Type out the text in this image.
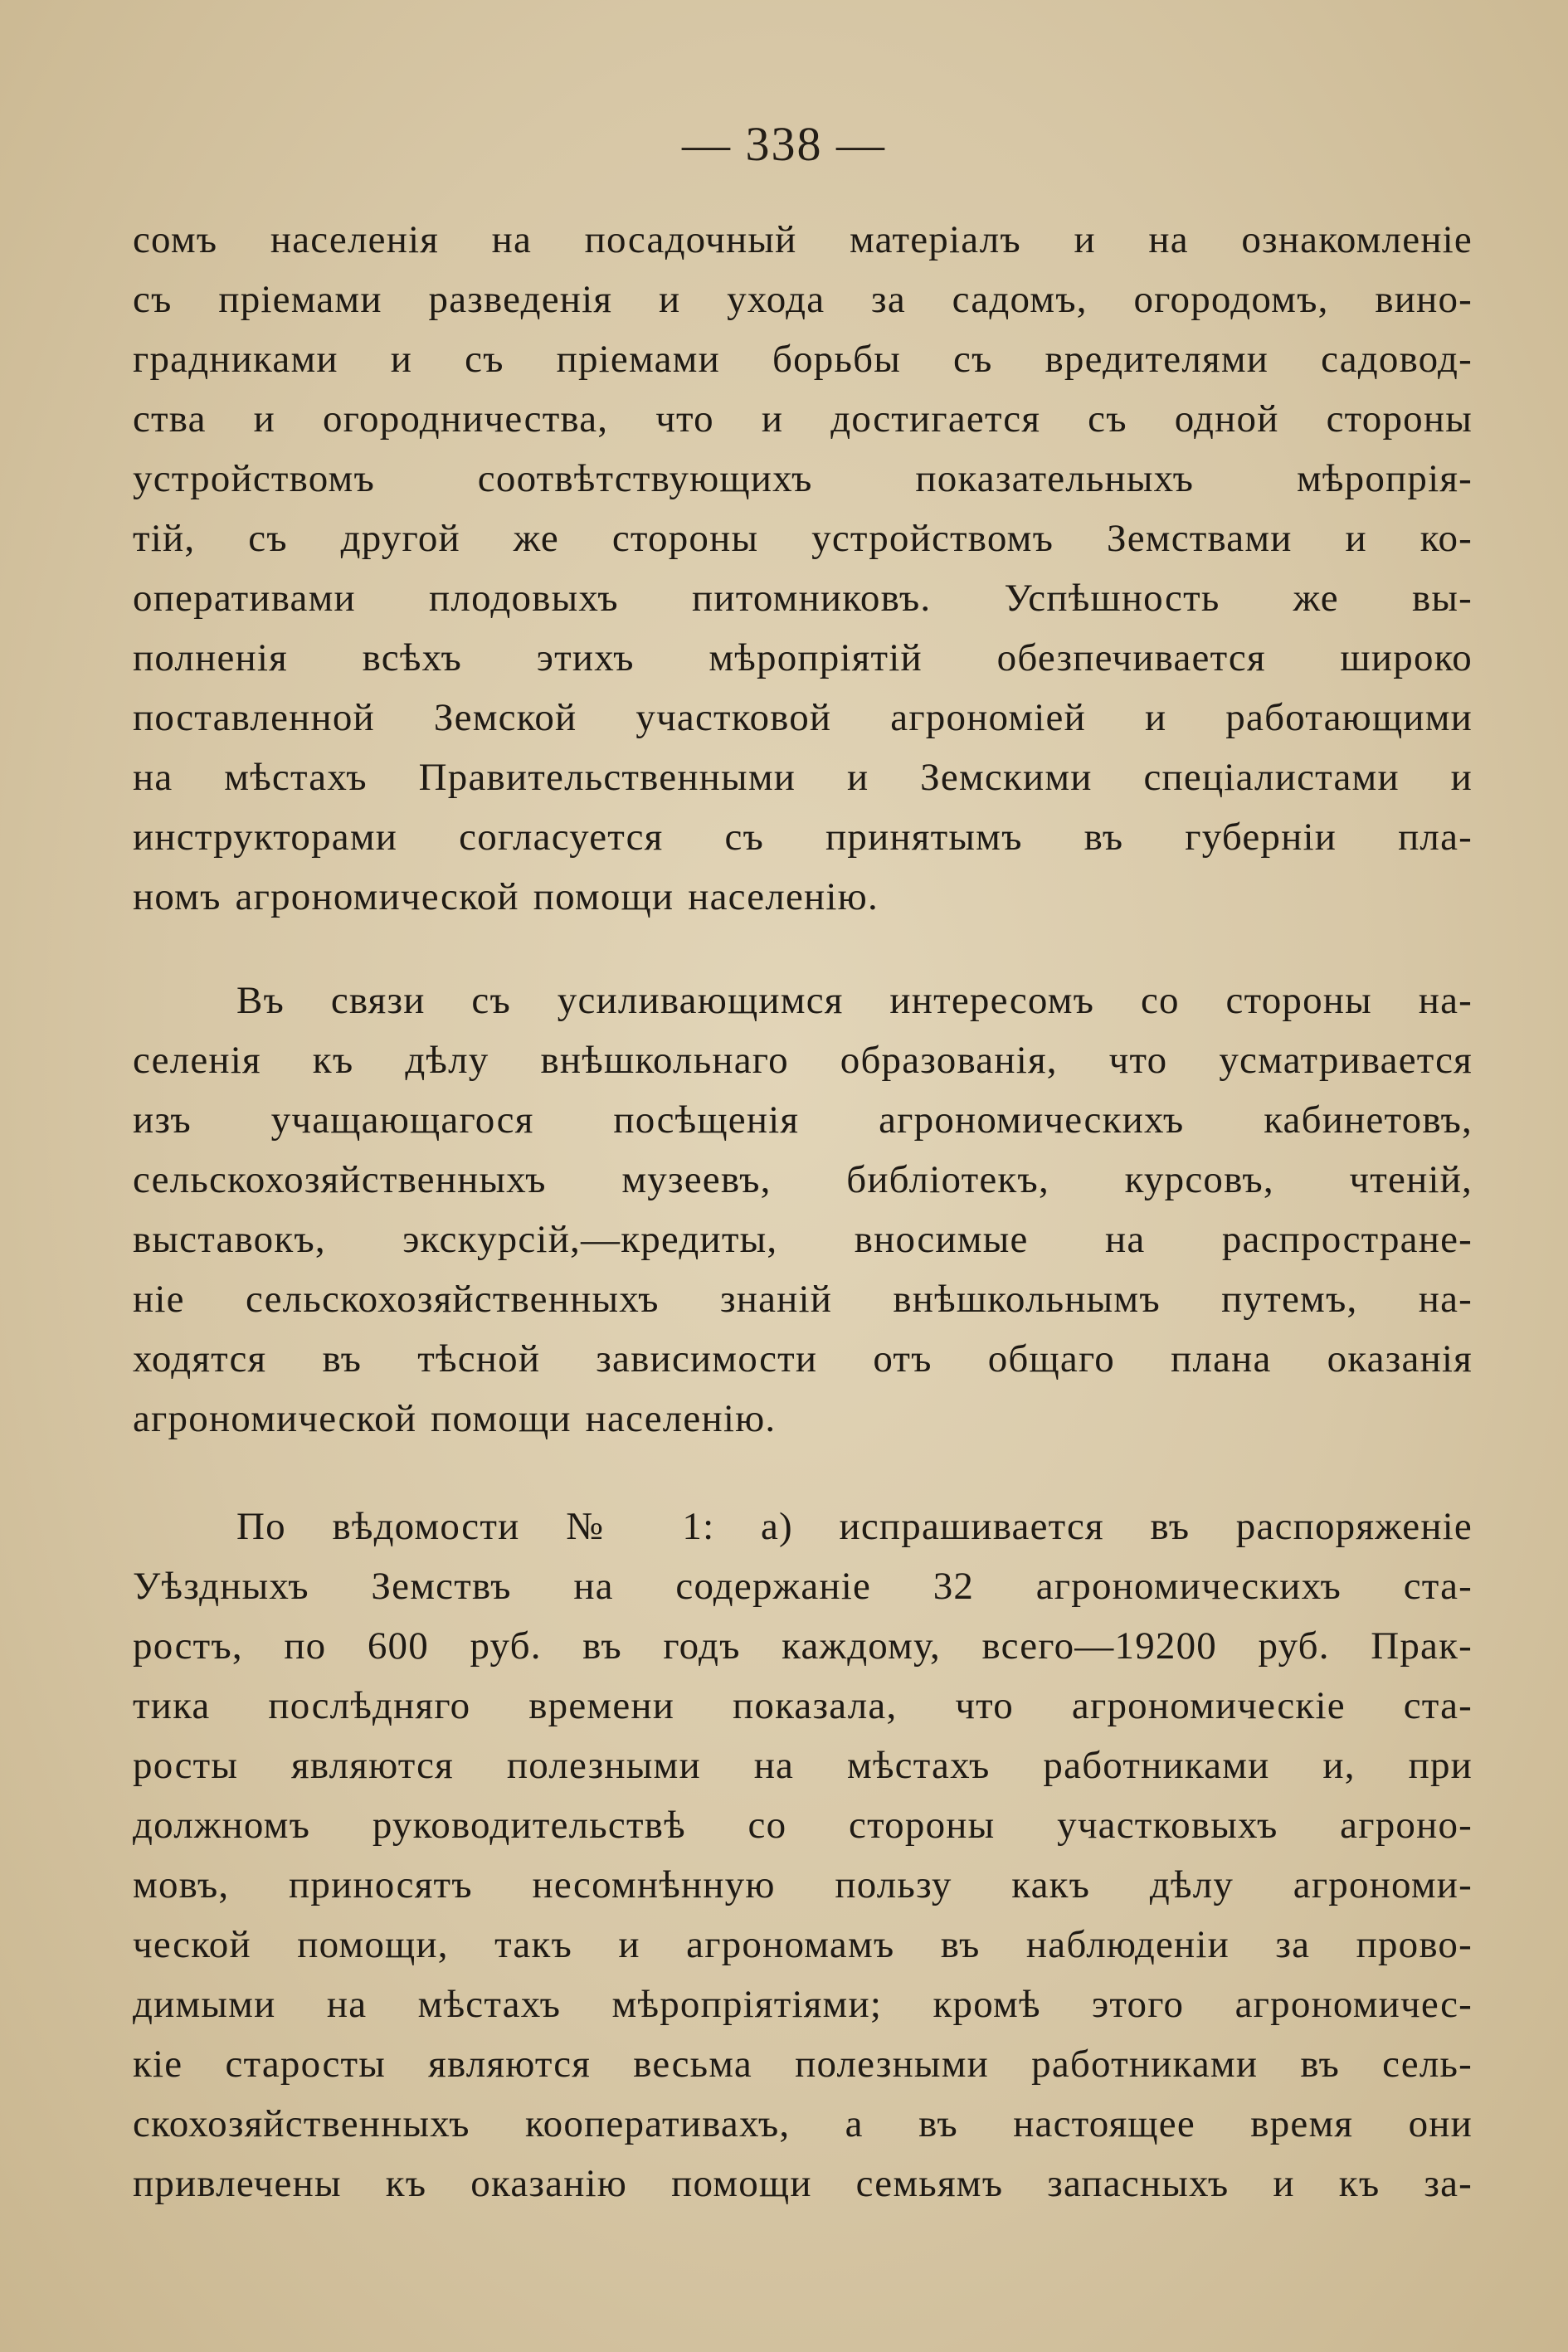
— 338 —
сомъ населенія на посадочный матеріалъ и на ознакомленіе
съ пріемами разведенія и ухода за садомъ, огородомъ, вино-
градниками и съ пріемами борьбы съ вредителями садовод-
ства и огородничества, что и достигается съ одной стороны
устройствомъ соотвѣтствующихъ показательныхъ мѣропрія-
тій, съ другой же стороны устройствомъ Земствами и ко-
оперативами плодовыхъ питомниковъ. Успѣшность же вы-
полненія всѣхъ этихъ мѣропріятій обезпечивается широко
поставленной Земской участковой агрономіей и работающими
на мѣстахъ Правительственными и Земскими спеціалистами и
инструкторами согласуется съ принятымъ въ губерніи пла-
номъ агрономической помощи населенію.
Въ связи съ усиливающимся интересомъ со стороны на-
селенія къ дѣлу внѣшкольнаго образованія, что усматривается
изъ учащающагося посѣщенія агрономическихъ кабинетовъ,
сельскохозяйственныхъ музеевъ, библіотекъ, курсовъ, чтеній,
выставокъ, экскурсій,—кредиты, вносимые на распростране-
ніе сельскохозяйственныхъ знаній внѣшкольнымъ путемъ, на-
ходятся въ тѣсной зависимости отъ общаго плана оказанія
агрономической помощи населенію.
По вѣдомости № 1: а) испрашивается въ распоряженіе
Уѣздныхъ Земствъ на содержаніе 32 агрономическихъ ста-
ростъ, по 600 руб. въ годъ каждому, всего—19200 руб. Прак-
тика послѣдняго времени показала, что агрономическіе ста-
росты являются полезными на мѣстахъ работниками и, при
должномъ руководительствѣ со стороны участковыхъ агроно-
мовъ, приносятъ несомнѣнную пользу какъ дѣлу агрономи-
ческой помощи, такъ и агрономамъ въ наблюденіи за прово-
димыми на мѣстахъ мѣропріятіями; кромѣ этого агрономичес-
кіе старосты являются весьма полезными работниками въ сель-
скохозяйственныхъ кооперативахъ, а въ настоящее время они
привлечены къ оказанію помощи семьямъ запасныхъ и къ за-
